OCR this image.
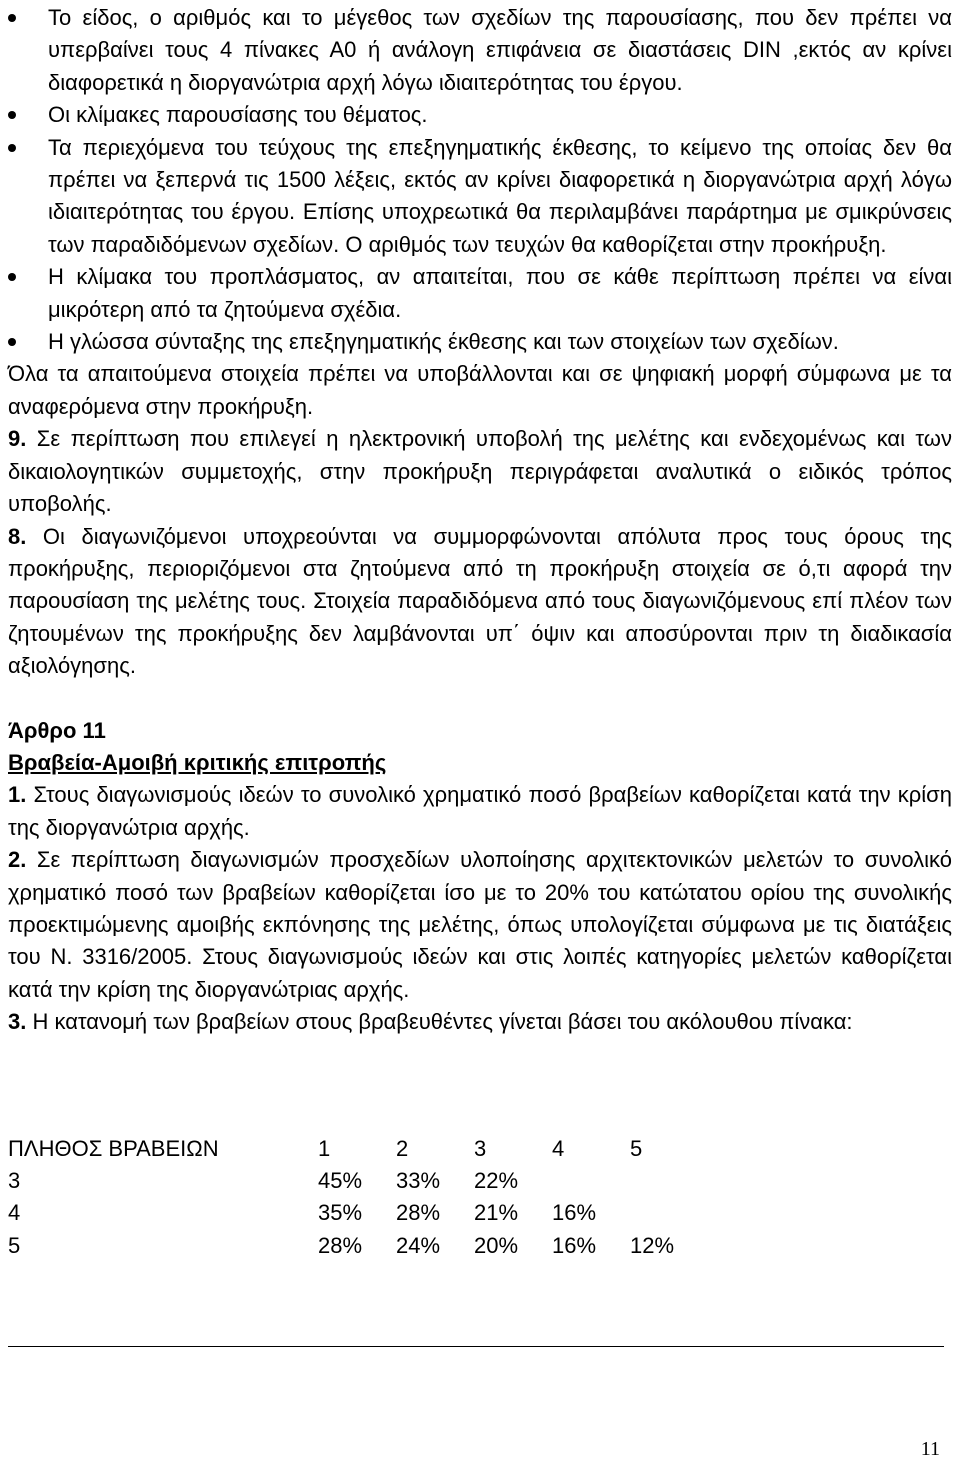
Το είδος, ο αριθμός και το μέγεθος των σχεδίων της παρουσίασης, που δεν πρέπει να υπερβαίνει τους 4 πίνακες Α0 ή ανάλογη επιφάνεια σε διαστάσεις DIN ,εκτός αν κρίνει διαφορετικά η διοργανώτρια αρχή λόγω ιδιαιτερότητας του έργου.
Οι κλίμακες παρουσίασης του θέματος.
Τα περιεχόμενα του τεύχους της επεξηγηματικής έκθεσης, το κείμενο της οποίας δεν θα πρέπει να ξεπερνά τις 1500 λέξεις, εκτός αν κρίνει διαφορετικά η διοργανώτρια αρχή λόγω ιδιαιτερότητας του έργου. Επίσης υποχρεωτικά θα περιλαμβάνει παράρτημα με σμικρύνσεις των παραδιδόμενων σχεδίων. Ο αριθμός των τευχών θα καθορίζεται στην προκήρυξη.
Η κλίμακα του προπλάσματος, αν απαιτείται, που σε κάθε περίπτωση πρέπει να είναι μικρότερη από τα ζητούμενα σχέδια.
Η γλώσσα σύνταξης της επεξηγηματικής έκθεσης και των στοιχείων των σχεδίων.

Όλα τα απαιτούμενα στοιχεία πρέπει να υποβάλλονται και σε ψηφιακή μορφή σύμφωνα με τα αναφερόμενα στην προκήρυξη.

9. Σε περίπτωση που επιλεγεί η ηλεκτρονική υποβολή της μελέτης και ενδεχομένως και των δικαιολογητικών συμμετοχής, στην προκήρυξη περιγράφεται αναλυτικά ο ειδικός τρόπος υποβολής.

8. Οι διαγωνιζόμενοι υποχρεούνται να συμμορφώνονται απόλυτα προς τους όρους της προκήρυξης, περιοριζόμενοι στα ζητούμενα από τη προκήρυξη στοιχεία σε ό,τι αφορά την παρουσίαση της μελέτης τους. Στοιχεία παραδιδόμενα από τους διαγωνιζόμενους επί πλέον των ζητουμένων της προκήρυξης δεν λαμβάνονται υπ΄ όψιν και αποσύρονται πριν τη διαδικασία αξιολόγησης.

Άρθρο 11

Βραβεία-Αμοιβή κριτικής επιτροπής

1. Στους διαγωνισμούς ιδεών το συνολικό χρηματικό ποσό βραβείων καθορίζεται κατά την κρίση της διοργανώτρια αρχής.

2. Σε περίπτωση διαγωνισμών προσχεδίων υλοποίησης αρχιτεκτονικών μελετών το συνολικό χρηματικό ποσό των βραβείων καθορίζεται ίσο με το 20% του κατώτατου ορίου της συνολικής προεκτιμώμενης αμοιβής εκπόνησης της μελέτης, όπως υπολογίζεται σύμφωνα με τις διατάξεις του Ν. 3316/2005. Στους διαγωνισμούς ιδεών και στις λοιπές κατηγορίες μελετών καθορίζεται κατά την κρίση της διοργανώτριας αρχής.

3. Η κατανομή των βραβείων στους βραβευθέντες γίνεται βάσει του ακόλουθου πίνακα:

ΠΛΗΘΟΣ ΒΡΑΒΕΙΩΝ	1	2	3	4	5
3	45%	33%	22%		
4	35%	28%	21%	16%	
5	28%	24%	20%	16%	12%
11
